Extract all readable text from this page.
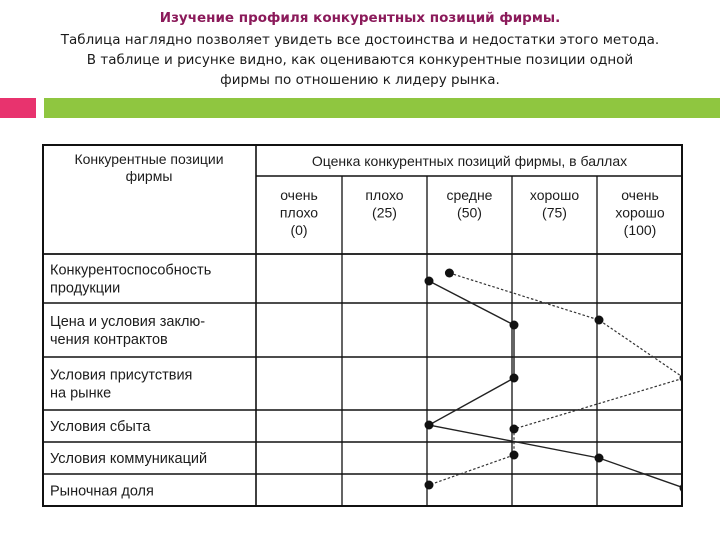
Изучение профиля конкурентных позиций фирмы.
Таблица наглядно позволяет увидеть все достоинства и недостатки этого метода.
В таблице и рисунке видно, как оцениваются конкурентные позиции одной
фирмы по отношению к лидеру рынка.
Конкурентные позиции
фирмы
Оценка конкурентных позиций фирмы, в баллах
очень
плохо
(0)
плохо
(25)
средне
(50)
хорошо
(75)
очень
хорошо
(100)
Конкурентоспособность
продукции
Цена и условия заклю-
чения контрактов
Условия присутствия
на рынке
Условия сбыта
Условия коммуникаций
Рыночная доля
